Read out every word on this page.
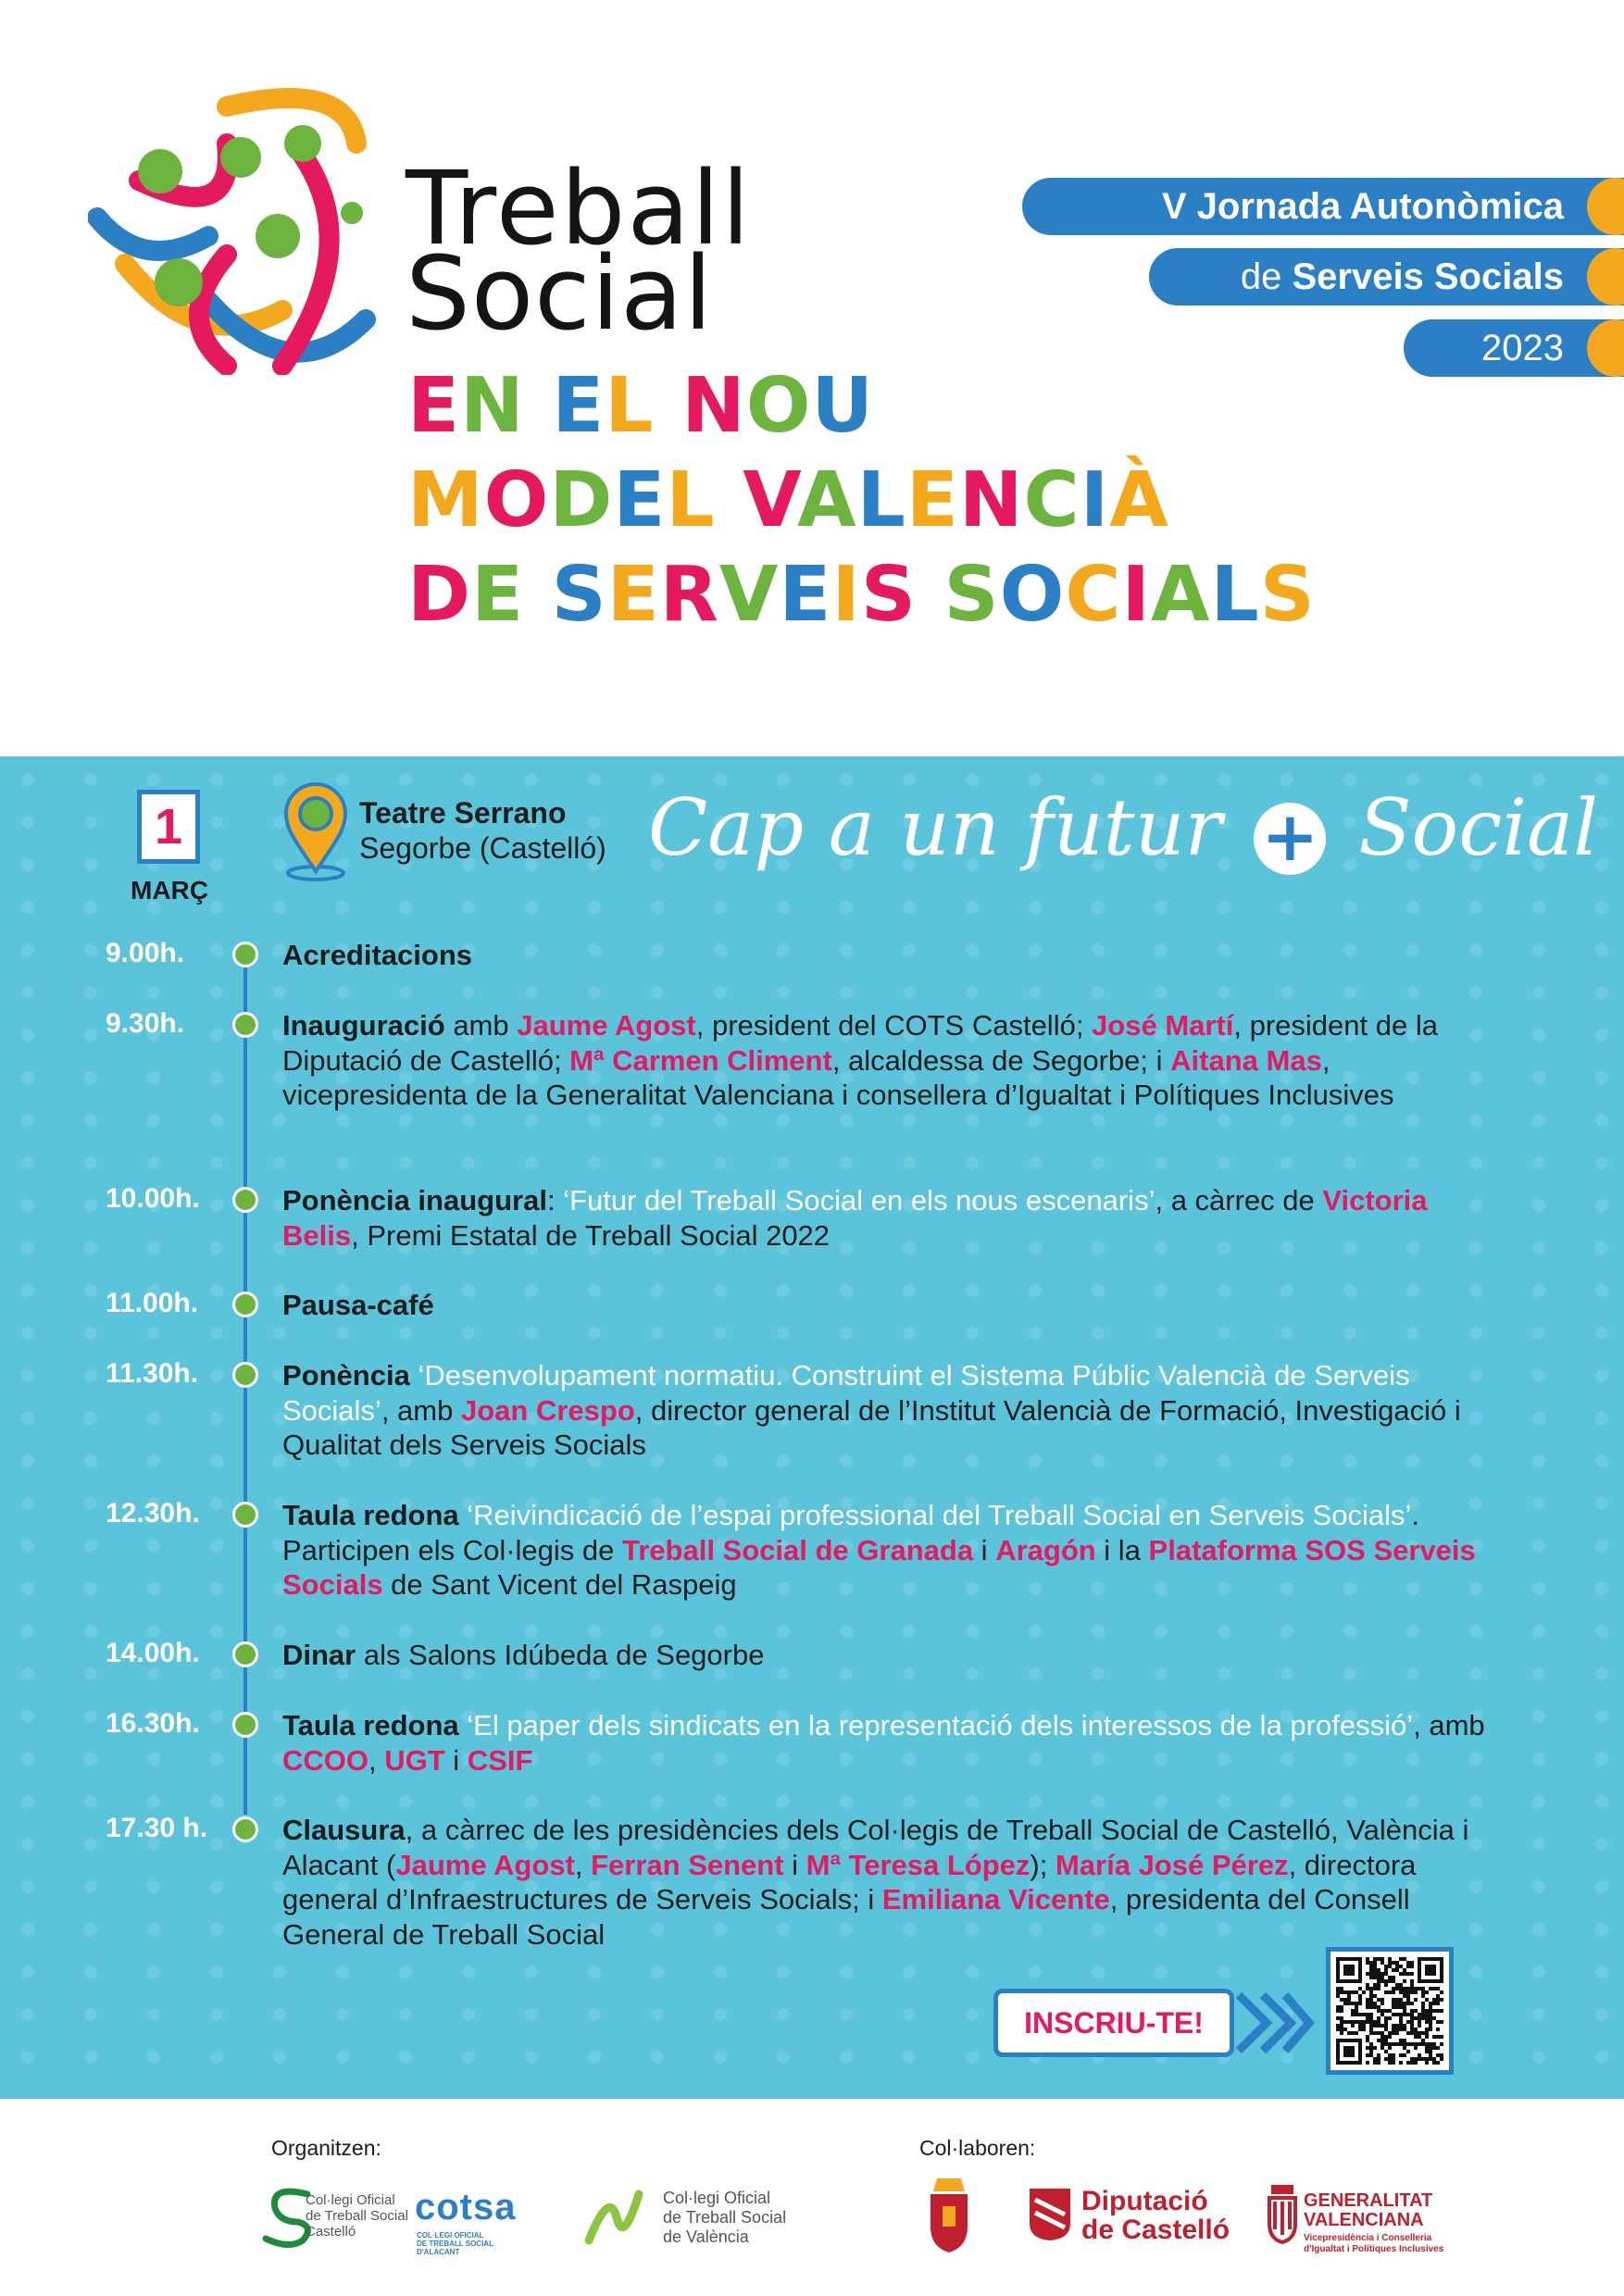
Treball
Social
V Jornada Autonòmica
de Serveis Socials
2023
EN EL NOU
MODEL VALENCIÀ
DE SERVEIS SOCIALS
1
MARÇ
Teatre Serrano
Segorbe (Castelló) Cap a un futur + Social
9.00h.	Acreditacions
9.30h.	Inauguració amb Jaume Agost, president del COTS Castelló; José Martí, president de la Diputació de Castelló; Mª Carmen Climent, alcaldessa de Segorbe; i Aitana Mas, vicepresidenta de la Generalitat Valenciana i consellera d’Igualtat i Polítiques Inclusives
10.00h.	Ponència inaugural: ‘Futur del Treball Social en els nous escenaris’, a càrrec de Victoria Belis, Premi Estatal de Treball Social 2022
11.00h.	Pausa-café
11.30h.	Ponència ‘Desenvolupament normatiu. Construint el Sistema Públic Valencià de Serveis Socials’, amb Joan Crespo, director general de l’Institut Valencià de Formació, Investigació i Qualitat dels Serveis Socials
12.30h.	Taula redona ‘Reivindicació de l’espai professional del Treball Social en Serveis Socials’. Participen els Col·legis de Treball Social de Granada i Aragón i la Plataforma SOS Serveis Socials de Sant Vicent del Raspeig
14.00h.	Dinar als Salons Idúbeda de Segorbe
16.30h.	Taula redona ‘El paper dels sindicats en la representació dels interessos de la professió’, amb CCOO, UGT i CSIF
17.30 h.	Clausura, a càrrec de les presidències dels Col·legis de Treball Social de Castelló, València i Alacant (Jaume Agost, Ferran Senent i Mª Teresa López); María José Pérez, directora general d’Infraestructures de Serveis Socials; i Emiliana Vicente, presidenta del Consell General de Treball Social
INSCRIU-TE!
Organitzen:	Col·laboren:
Col·legi Oficial
de Treball Social
Castelló
cotsa
COL·LEGI OFICIAL
DE TREBALL SOCIAL
D'ALACANT
Col·legi Oficial
de Treball Social
de València
Diputació
de Castelló
GENERALITAT
VALENCIANA
Vicepresidència i Conselleria
d'Igualtat i Polítiques Inclusives
